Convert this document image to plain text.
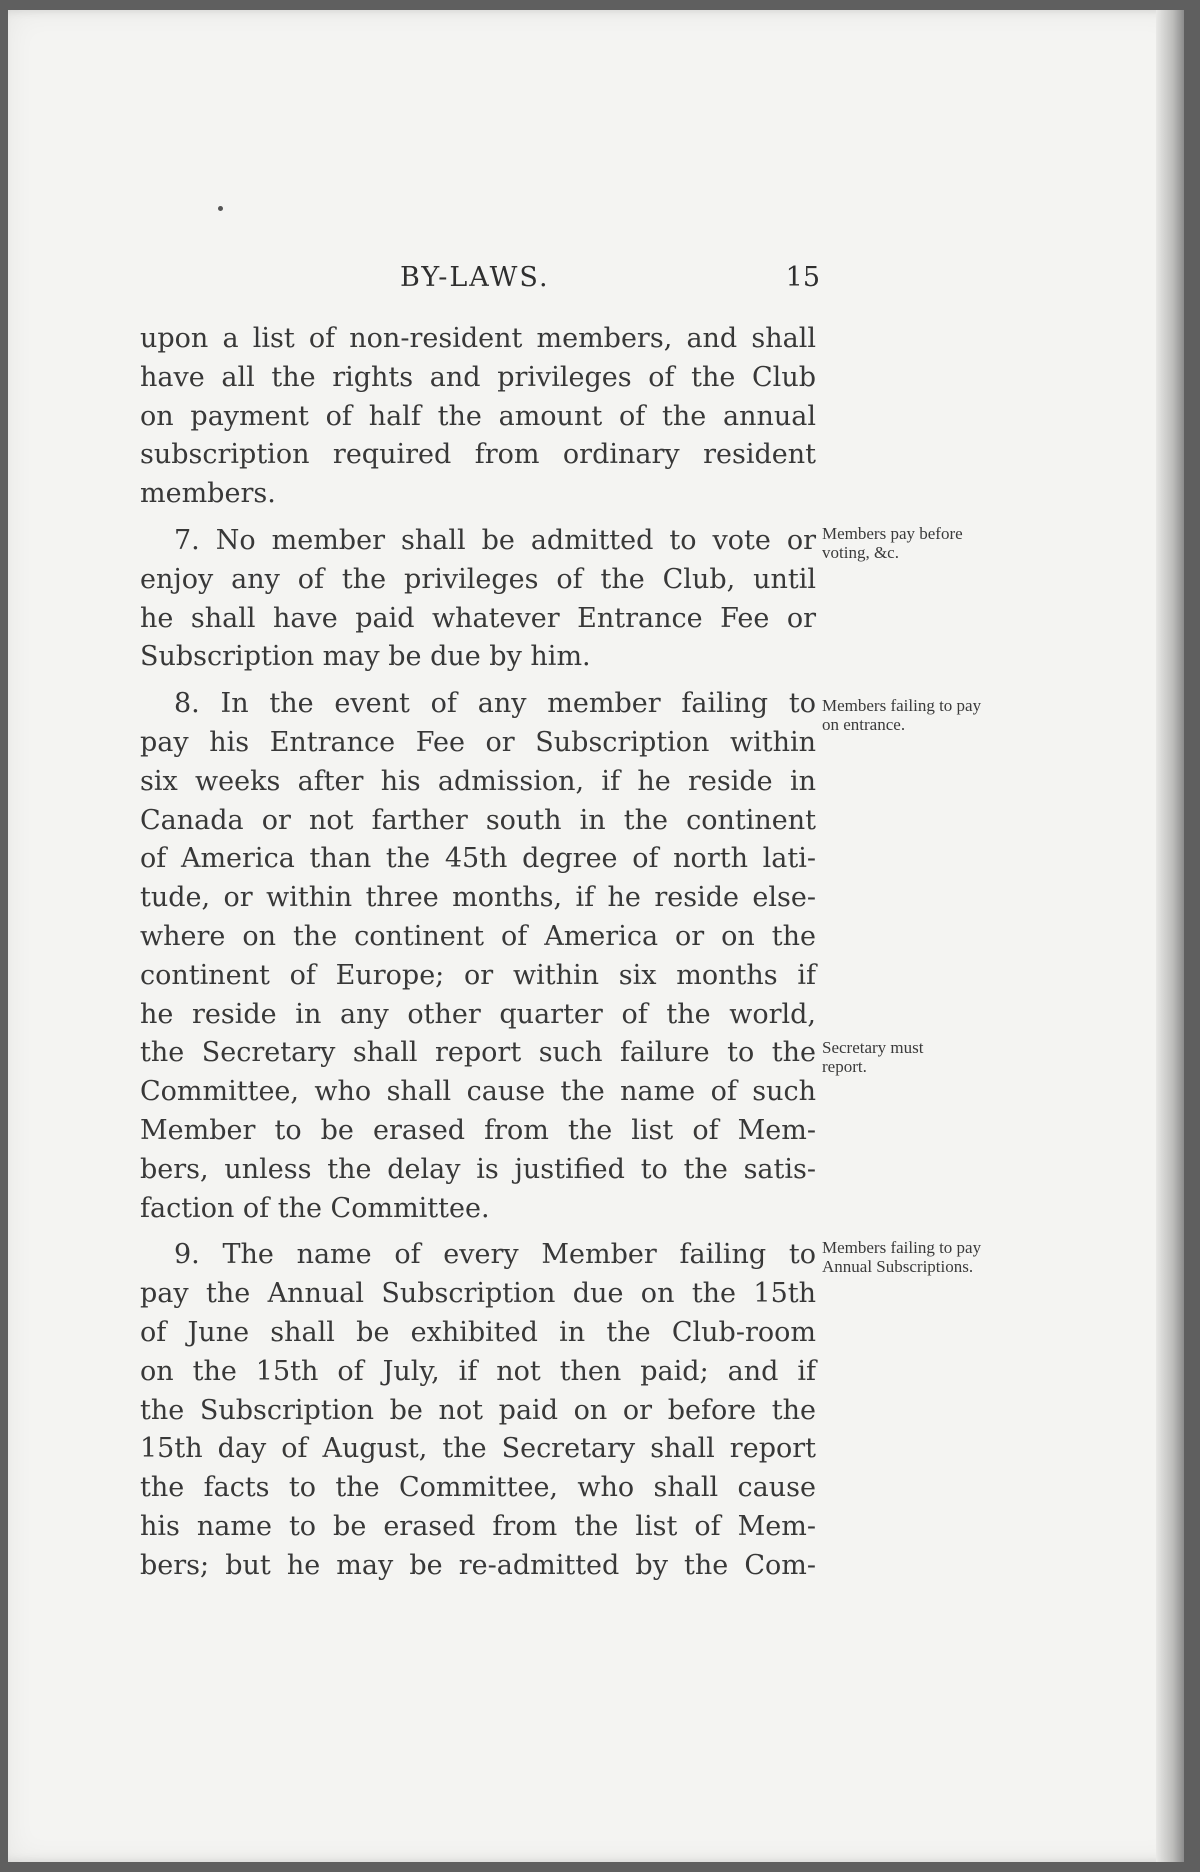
BY-LAWS.	15
upon a list of non-resident members, and shall
have all the rights and privileges of the Club
on payment of half the amount of the annual
subscription required from ordinary resident
members.
7. No member shall be admitted to vote or
enjoy any of the privileges of the Club, until
he shall have paid whatever Entrance Fee or
Subscription may be due by him.
8. In the event of any member failing to
pay his Entrance Fee or Subscription within
six weeks after his admission, if he reside in
Canada or not farther south in the continent
of America than the 45th degree of north lati-
tude, or within three months, if he reside else-
where on the continent of America or on the
continent of Europe; or within six months if
he reside in any other quarter of the world,
the Secretary shall report such failure to the
Committee, who shall cause the name of such
Member to be erased from the list of Mem-
bers, unless the delay is justified to the satis-
faction of the Committee.
9. The name of every Member failing to
pay the Annual Subscription due on the 15th
of June shall be exhibited in the Club-room
on the 15th of July, if not then paid; and if
the Subscription be not paid on or before the
15th day of August, the Secretary shall report
the facts to the Committee, who shall cause
his name to be erased from the list of Mem-
bers; but he may be re-admitted by the Com-
Members pay before voting, &c.
Members failing to pay on entrance.
Secretary must report.
Members failing to pay Annual Subscriptions.
